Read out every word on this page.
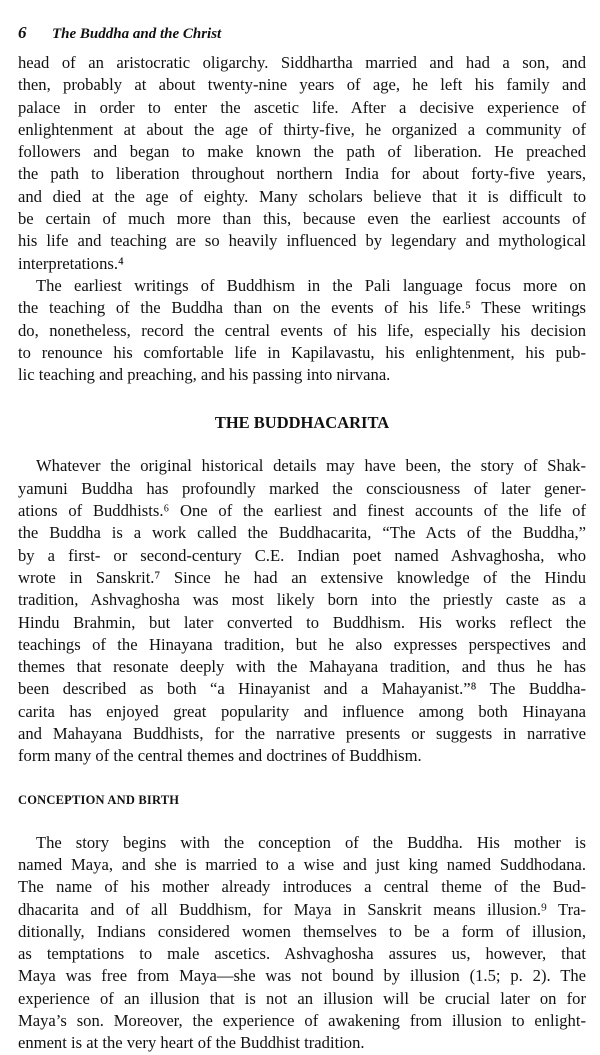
6 The Buddha and the Christ
head of an aristocratic oligarchy. Siddhartha married and had a son, and
then, probably at about twenty-nine years of age, he left his family and
palace in order to enter the ascetic life. After a decisive experience of
enlightenment at about the age of thirty-five, he organized a community of
followers and began to make known the path of liberation. He preached
the path to liberation throughout northern India for about forty-five years,
and died at the age of eighty. Many scholars believe that it is difficult to
be certain of much more than this, because even the earliest accounts of
his life and teaching are so heavily influenced by legendary and mythological
interpretations.⁴
The earliest writings of Buddhism in the Pali language focus more on
the teaching of the Buddha than on the events of his life.⁵ These writings
do, nonetheless, record the central events of his life, especially his decision
to renounce his comfortable life in Kapilavastu, his enlightenment, his pub-
lic teaching and preaching, and his passing into nirvana.
THE BUDDHACARITA
Whatever the original historical details may have been, the story of Shak-
yamuni Buddha has profoundly marked the consciousness of later gener-
ations of Buddhists.⁶ One of the earliest and finest accounts of the life of
the Buddha is a work called the Buddhacarita, “The Acts of the Buddha,”
by a first- or second-century C.E. Indian poet named Ashvaghosha, who
wrote in Sanskrit.⁷ Since he had an extensive knowledge of the Hindu
tradition, Ashvaghosha was most likely born into the priestly caste as a
Hindu Brahmin, but later converted to Buddhism. His works reflect the
teachings of the Hinayana tradition, but he also expresses perspectives and
themes that resonate deeply with the Mahayana tradition, and thus he has
been described as both “a Hinayanist and a Mahayanist.”⁸ The Buddha-
carita has enjoyed great popularity and influence among both Hinayana
and Mahayana Buddhists, for the narrative presents or suggests in narrative
form many of the central themes and doctrines of Buddhism.
CONCEPTION AND BIRTH
The story begins with the conception of the Buddha. His mother is
named Maya, and she is married to a wise and just king named Suddhodana.
The name of his mother already introduces a central theme of the Bud-
dhacarita and of all Buddhism, for Maya in Sanskrit means illusion.⁹ Tra-
ditionally, Indians considered women themselves to be a form of illusion,
as temptations to male ascetics. Ashvaghosha assures us, however, that
Maya was free from Maya—she was not bound by illusion (1.5; p. 2). The
experience of an illusion that is not an illusion will be crucial later on for
Maya’s son. Moreover, the experience of awakening from illusion to enlight-
enment is at the very heart of the Buddhist tradition.
